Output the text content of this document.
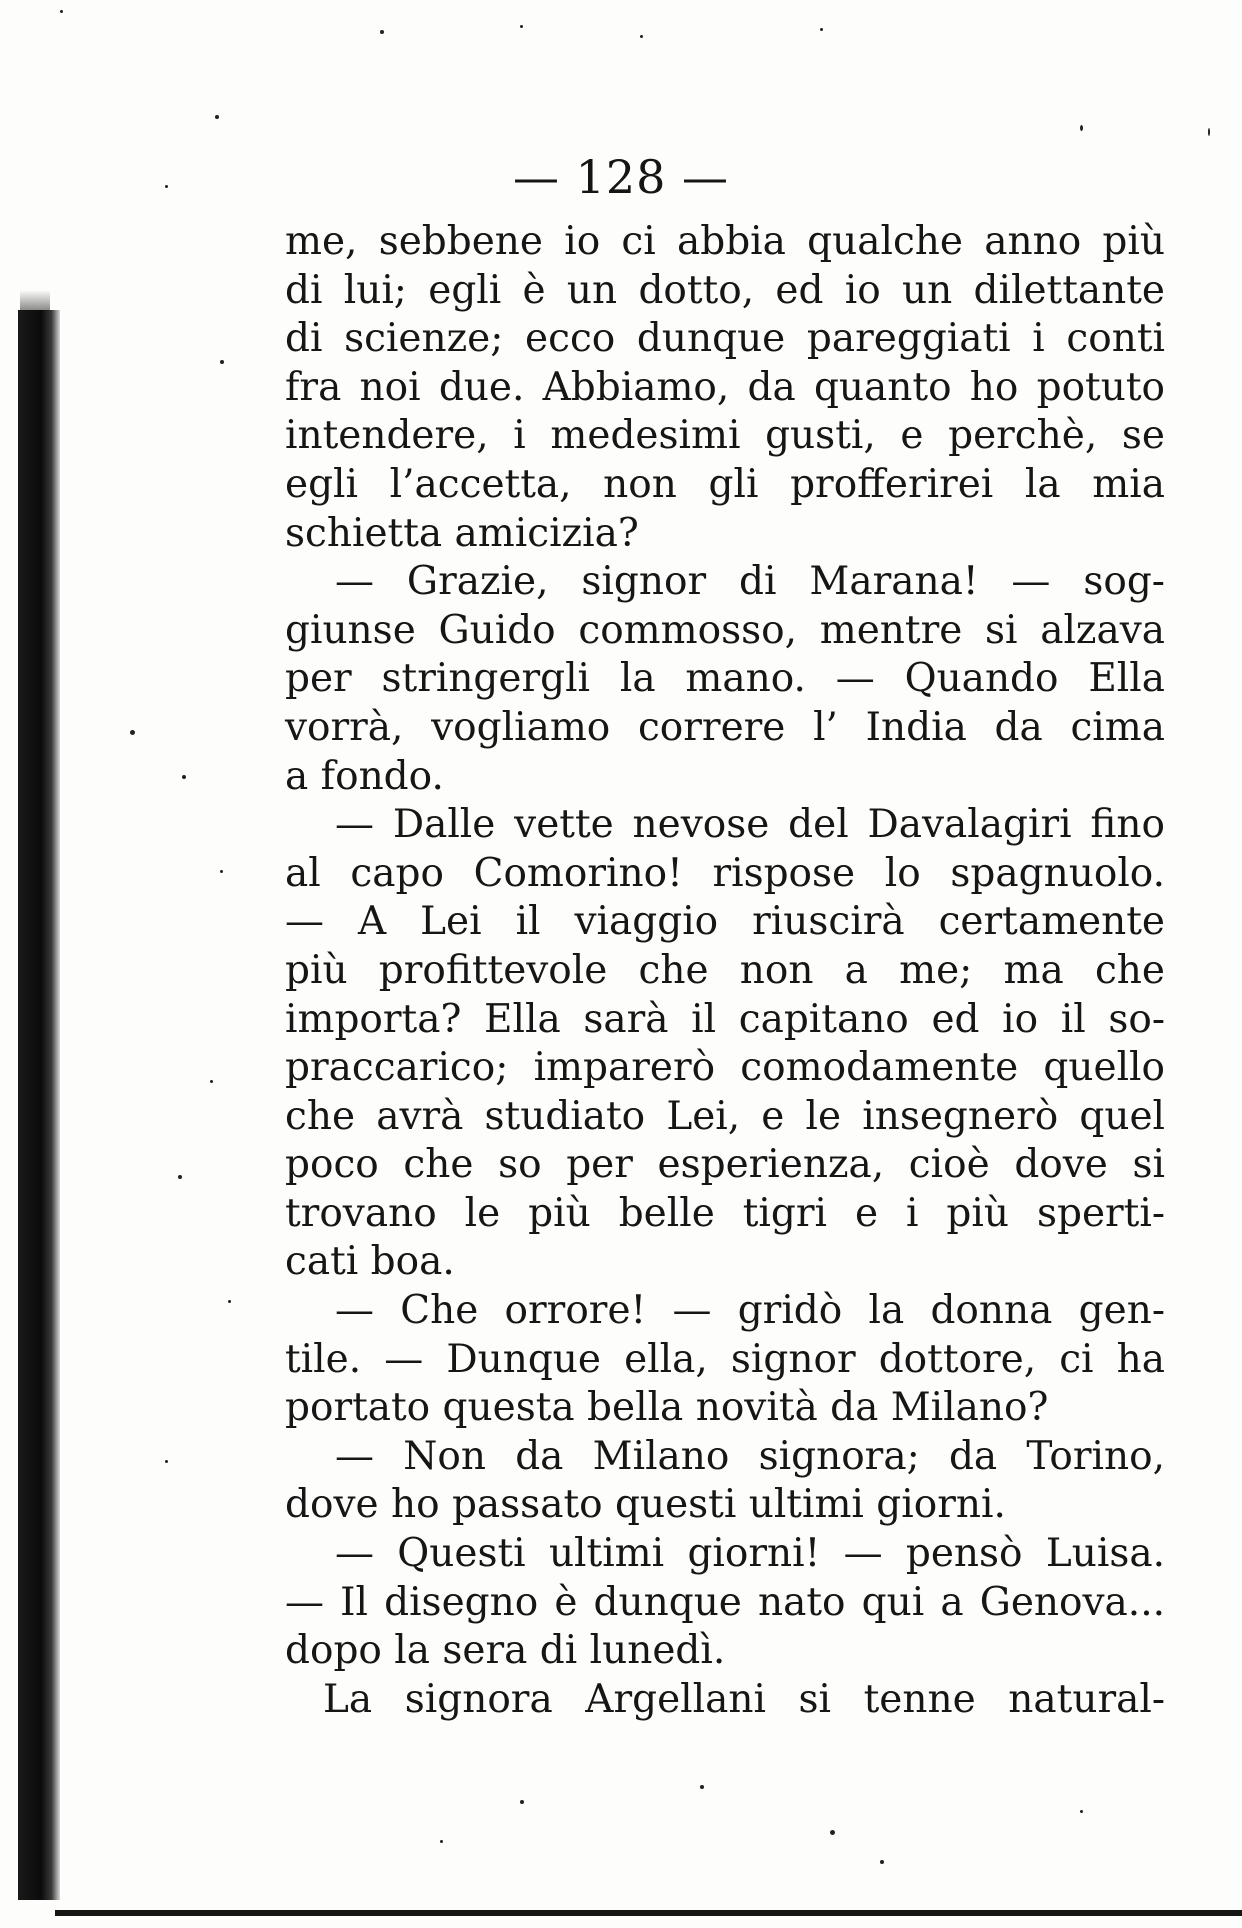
— 128 —
me, sebbene io ci abbia qualche anno più
di lui; egli è un dotto, ed io un dilettante
di scienze; ecco dunque pareggiati i conti
fra noi due. Abbiamo, da quanto ho potuto
intendere, i medesimi gusti, e perchè, se
egli l’accetta, non gli profferirei la mia
schietta amicizia?
— Grazie, signor di Marana! — sog-
giunse Guido commosso, mentre si alzava
per stringergli la mano. — Quando Ella
vorrà, vogliamo correre l’ India da cima
a fondo.
— Dalle vette nevose del Davalagiri fino
al capo Comorino! rispose lo spagnuolo.
— A Lei il viaggio riuscirà certamente
più profittevole che non a me; ma che
importa? Ella sarà il capitano ed io il so-
praccarico; imparerò comodamente quello
che avrà studiato Lei, e le insegnerò quel
poco che so per esperienza, cioè dove si
trovano le più belle tigri e i più sperti-
cati boa.
— Che orrore! — gridò la donna gen-
tile. — Dunque ella, signor dottore, ci ha
portato questa bella novità da Milano?
— Non da Milano signora; da Torino,
dove ho passato questi ultimi giorni.
— Questi ultimi giorni! — pensò Luisa.
— Il disegno è dunque nato qui a Genova...
dopo la sera di lunedì.
La signora Argellani si tenne natural-
